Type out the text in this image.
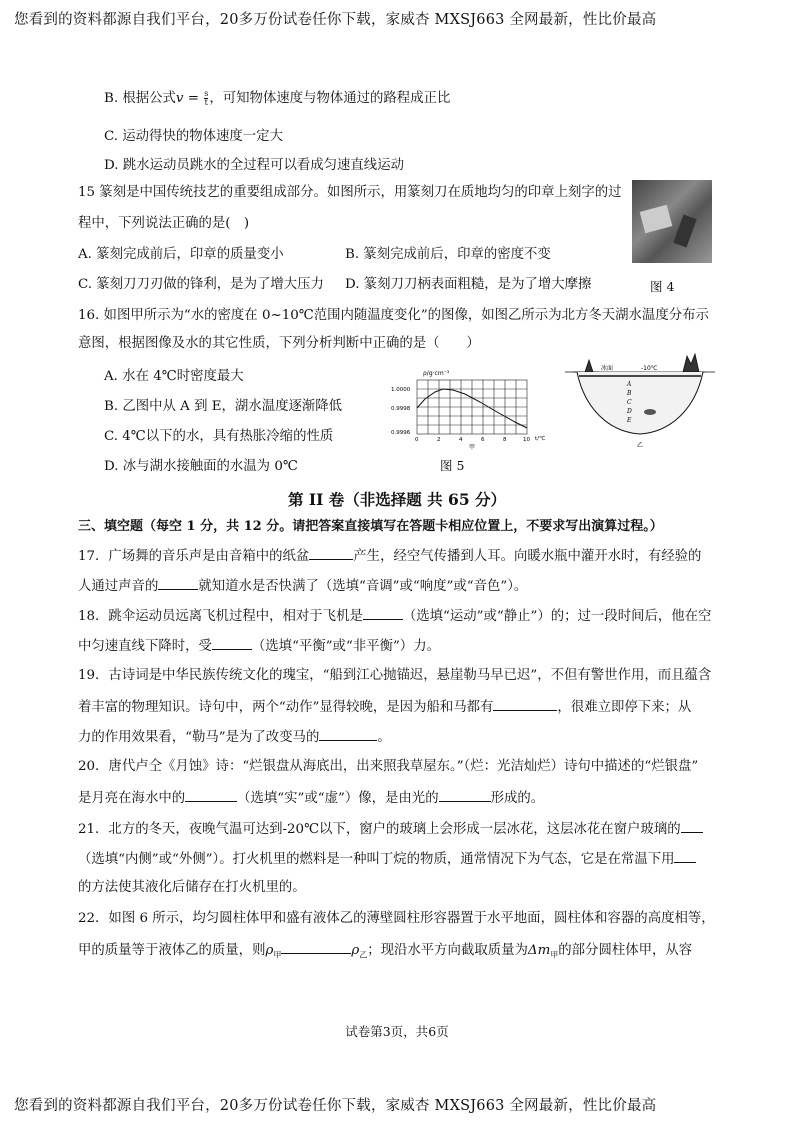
您看到的资料都源自我们平台，20多万份试卷任你下载，家威杏 MXSJ663 全网最新，性比价最高
B. 根据公式$v = \frac{s}{t}$ ，可知物体速度与物体通过的路程成正比
C. 运动得快的物体速度一定大
D. 跳水运动员跳水的全过程可以看成匀速直线运动
15 篆刻是中国传统技艺的重要组成部分。如图所示，用篆刻刀在质地均匀的印章上刻字的过
程中，下列说法正确的是(　)
A. 篆刻完成前后，印章的质量变小	B. 篆刻完成前后，印章的密度不变
C. 篆刻刀刀刃做的锋利，是为了增大压力 D. 篆刻刀刀柄表面粗糙，是为了增大摩擦	图 4
16. 如图甲所示为“水的密度在 0~10℃范围内随温度变化”的图像，如图乙所示为北方冬天湖水温度分布示
意图，根据图像及水的其它性质，下列分析判断中正确的是（　　）
A. 水在 4℃时密度最大
B. 乙图中从 A 到 E，湖水温度逐渐降低
C. 4℃以下的水，具有热胀冷缩的性质
D. 冰与湖水接触面的水温为 0℃
ρ/g·cm⁻³
1.0000
0.9998
0.9996
0	2	4	6	8	10 t/℃
甲
冰面	-10℃
A
B
C
D
E
乙
图 5
第 II 卷（非选择题 共 65 分）
三、填空题（每空 1 分，共 12 分。请把答案直接填写在答题卡相应位置上，不要求写出演算过程。）
17．广场舞的音乐声是由音箱中的纸盆	产生，经空气传播到人耳。向暖水瓶中灌开水时，有经验的
人通过声音的	就知道水是否快满了（选填“音调”或“响度”或“音色”）。
18．跳伞运动员远离飞机过程中，相对于飞机是	（选填“运动”或“静止”）的；过一段时间后，他在空
中匀速直线下降时，受	（选填“平衡”或“非平衡”）力。
19．古诗词是中华民族传统文化的瑰宝，“船到江心抛锚迟，悬崖勒马早已迟”，不但有警世作用，而且蕴含
着丰富的物理知识。诗句中，两个“动作”显得较晚，是因为船和马都有	，很难立即停下来；从
力的作用效果看，“勒马”是为了改变马的	。
20．唐代卢仝《月蚀》诗：“烂银盘从海底出，出来照我草屋东。”（烂：光洁灿烂）诗句中描述的“烂银盘”
是月亮在海水中的	（选填“实”或“虚”）像，是由光的	形成的。
21．北方的冬天，夜晚气温可达到-20℃以下，窗户的玻璃上会形成一层冰花，这层冰花在窗户玻璃的
（选填“内侧”或“外侧”）。打火机里的燃料是一种叫丁烷的物质，通常情况下为气态，它是在常温下用
的方法使其液化后储存在打火机里的。
22．如图 6 所示，均匀圆柱体甲和盛有液体乙的薄壁圆柱形容器置于水平地面，圆柱体和容器的高度相等，
甲的质量等于液体乙的质量，则$\rho_甲$	$\rho_乙$；现沿水平方向截取质量为$\Delta m_甲$的部分圆柱体甲，从容
试卷第3页，共6页
您看到的资料都源自我们平台，20多万份试卷任你下载，家威杏 MXSJ663 全网最新，性比价最高
